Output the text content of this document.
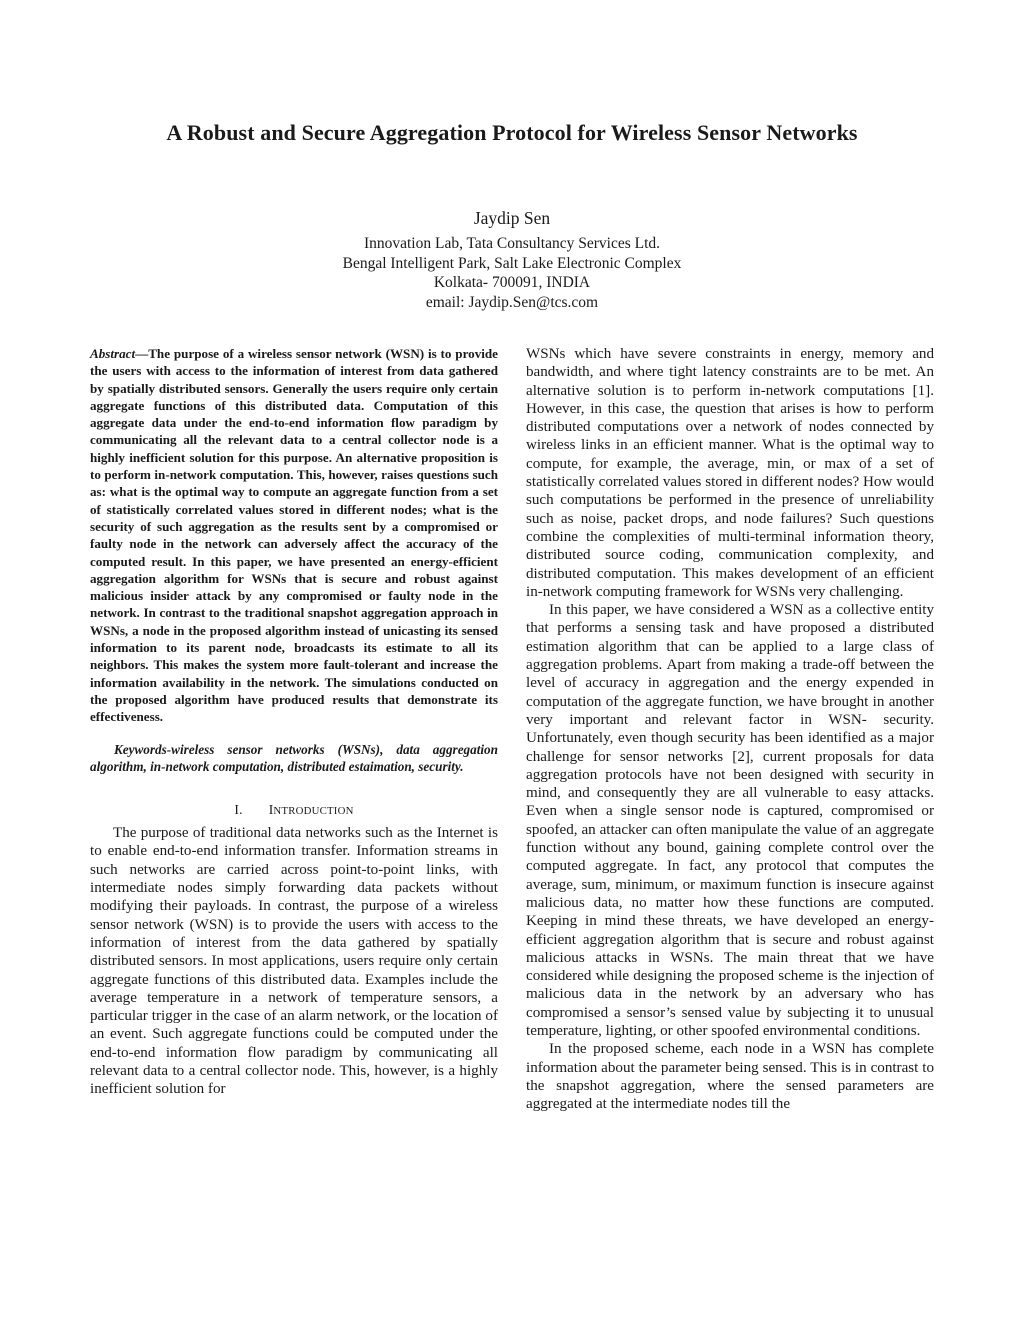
A Robust and Secure Aggregation Protocol for Wireless Sensor Networks
Jaydip Sen
Innovation Lab, Tata Consultancy Services Ltd.
Bengal Intelligent Park, Salt Lake Electronic Complex
Kolkata- 700091, INDIA
email: Jaydip.Sen@tcs.com

Abstract—The purpose of a wireless sensor network (WSN) is to provide the users with access to the information of interest from data gathered by spatially distributed sensors. Generally the users require only certain aggregate functions of this distributed data. Computation of this aggregate data under the end-to-end information flow paradigm by communicating all the relevant data to a central collector node is a highly inefficient solution for this purpose. An alternative proposition is to perform in-network computation. This, however, raises questions such as: what is the optimal way to compute an aggregate function from a set of statistically correlated values stored in different nodes; what is the security of such aggregation as the results sent by a compromised or faulty node in the network can adversely affect the accuracy of the computed result. In this paper, we have presented an energy-efficient aggregation algorithm for WSNs that is secure and robust against malicious insider attack by any compromised or faulty node in the network. In contrast to the traditional snapshot aggregation approach in WSNs, a node in the proposed algorithm instead of unicasting its sensed information to its parent node, broadcasts its estimate to all its neighbors. This makes the system more fault-tolerant and increase the information availability in the network. The simulations conducted on the proposed algorithm have produced results that demonstrate its effectiveness.

Keywords-wireless sensor networks (WSNs), data aggregation algorithm, in-network computation, distributed estaimation, security.

I. INTRODUCTION

The purpose of traditional data networks such as the Internet is to enable end-to-end information transfer. Information streams in such networks are carried across point-to-point links, with intermediate nodes simply forwarding data packets without modifying their payloads. In contrast, the purpose of a wireless sensor network (WSN) is to provide the users with access to the information of interest from the data gathered by spatially distributed sensors. In most applications, users require only certain aggregate functions of this distributed data. Examples include the average temperature in a network of temperature sensors, a particular trigger in the case of an alarm network, or the location of an event. Such aggregate functions could be computed under the end-to-end information flow paradigm by communicating all relevant data to a central collector node. This, however, is a highly inefficient solution for

WSNs which have severe constraints in energy, memory and bandwidth, and where tight latency constraints are to be met. An alternative solution is to perform in-network computations [1]. However, in this case, the question that arises is how to perform distributed computations over a network of nodes connected by wireless links in an efficient manner. What is the optimal way to compute, for example, the average, min, or max of a set of statistically correlated values stored in different nodes? How would such computations be performed in the presence of unreliability such as noise, packet drops, and node failures? Such questions combine the complexities of multi-terminal information theory, distributed source coding, communication complexity, and distributed computation. This makes development of an efficient in-network computing framework for WSNs very challenging.

In this paper, we have considered a WSN as a collective entity that performs a sensing task and have proposed a distributed estimation algorithm that can be applied to a large class of aggregation problems. Apart from making a trade-off between the level of accuracy in aggregation and the energy expended in computation of the aggregate function, we have brought in another very important and relevant factor in WSN- security. Unfortunately, even though security has been identified as a major challenge for sensor networks [2], current proposals for data aggregation protocols have not been designed with security in mind, and consequently they are all vulnerable to easy attacks. Even when a single sensor node is captured, compromised or spoofed, an attacker can often manipulate the value of an aggregate function without any bound, gaining complete control over the computed aggregate. In fact, any protocol that computes the average, sum, minimum, or maximum function is insecure against malicious data, no matter how these functions are computed. Keeping in mind these threats, we have developed an energy-efficient aggregation algorithm that is secure and robust against malicious attacks in WSNs. The main threat that we have considered while designing the proposed scheme is the injection of malicious data in the network by an adversary who has compromised a sensor’s sensed value by subjecting it to unusual temperature, lighting, or other spoofed environmental conditions.

In the proposed scheme, each node in a WSN has complete information about the parameter being sensed. This is in contrast to the snapshot aggregation, where the sensed parameters are aggregated at the intermediate nodes till the
